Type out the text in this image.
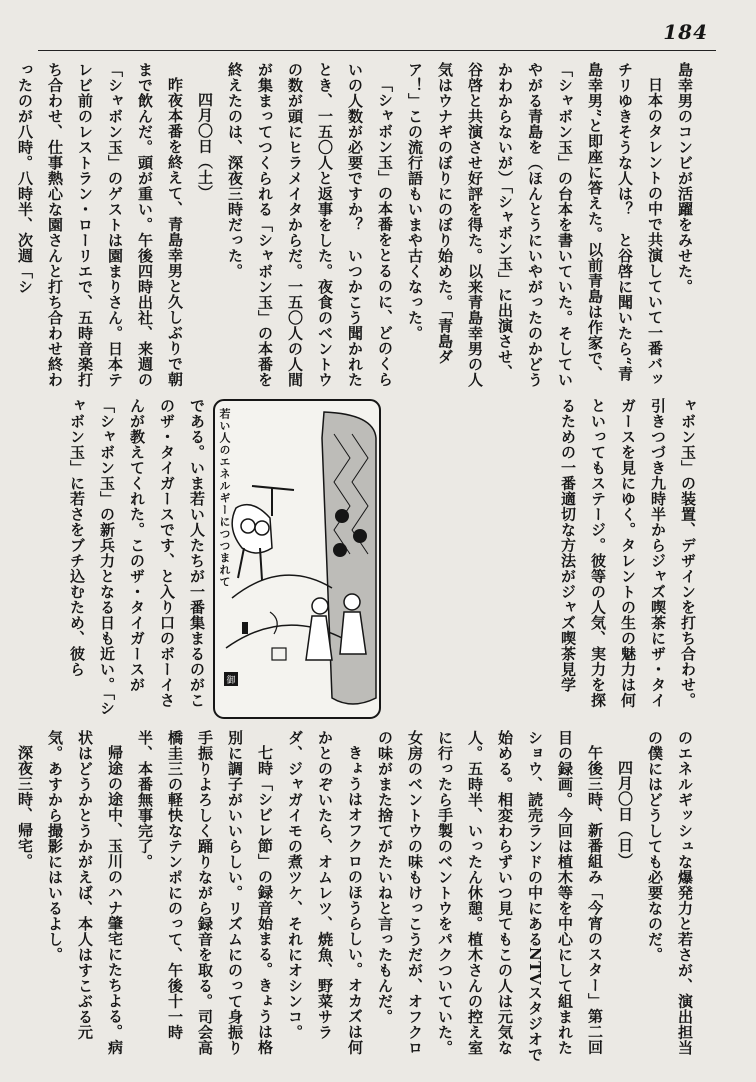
184

島幸男のコンビが活躍をみせた。

日本のタレントの中で共演していて一番バッチリゆきそうな人は？　と谷啓に聞いたら“青島幸男”と即座に答えた。以前青島は作家で、「シャボン玉」の台本を書いていた。そしていやがる青島を（ほんとうにいやがったのかどうかわからないが）「シャボン玉」に出演させ、谷啓と共演させ好評を得た。以来青島幸男の人気はウナギのぼりにのぼり始めた。「青島ダア！」この流行語もいまや古くなった。

「シャボン玉」の本番をとるのに、どのくらいの人数が必要ですか？　いつかこう聞かれたとき、一五〇人と返事をした。夜食のベントウの数が頭にヒラメイタからだ。一五〇人の人間が集まってつくられる「シャボン玉」の本番を終えたのは、深夜三時だった。

四月〇日（土）

昨夜本番を終えて、青島幸男と久しぶりで朝まで飲んだ。頭が重い。午後四時出社、来週の「シャボン玉」のゲストは園まりさん。日本テレビ前のレストラン・ローリエで、五時音楽打ち合わせ、仕事熱心な園さんと打ち合わせ終わったのが八時。八時半、次週「シ

ャボン玉」の装置、デザインを打ち合わせ。引きつづき九時半からジャズ喫茶にザ・タイガースを見にゆく。タレントの生の魅力は何といってもステージ。彼等の人気、実力を探るための一番適切な方法がジャズ喫茶見学

御
若い人のエネルギーにつつまれて

である。いま若い人たちが一番集まるのがこのザ・タイガースです、と入り口のボーイさんが教えてくれた。このザ・タイガースが「シャボン玉」の新兵力となる日も近い。「シャボン玉」に若さをブチ込むため、彼ら

のエネルギッシュな爆発力と若さが、演出担当の僕にはどうしても必要なのだ。

四月〇日（日）

午後三時、新番組み「今宵のスター」第二回目の録画。今回は植木等を中心にして組まれたショウ、読売ランドの中にあるNTVスタジオで始める。相変わらずいつ見てもこの人は元気な人。五時半、いったん休憩。植木さんの控え室に行ったら手製のベントウをパクついていた。女房のベントウの味もけっこうだが、オフクロの味がまた捨てがたいねと言ったもんだ。

きょうはオフクロのほうらしい。オカズは何かとのぞいたら、オムレツ、焼魚、野菜サラダ、ジャガイモの煮ツケ、それにオシンコ。

七時「シビレ節」の録音始まる。きょうは格別に調子がいいらしい。リズムにのって身振り手振りよろしく踊りながら録音を取る。司会高橋圭三の軽快なテンポにのって、午後十一時半、本番無事完了。

帰途の途中、玉川のハナ肇宅にたちよる。病状はどうかとうかがえば、本人はすこぶる元気。あすから撮影にはいるよし。

深夜三時、帰宅。
